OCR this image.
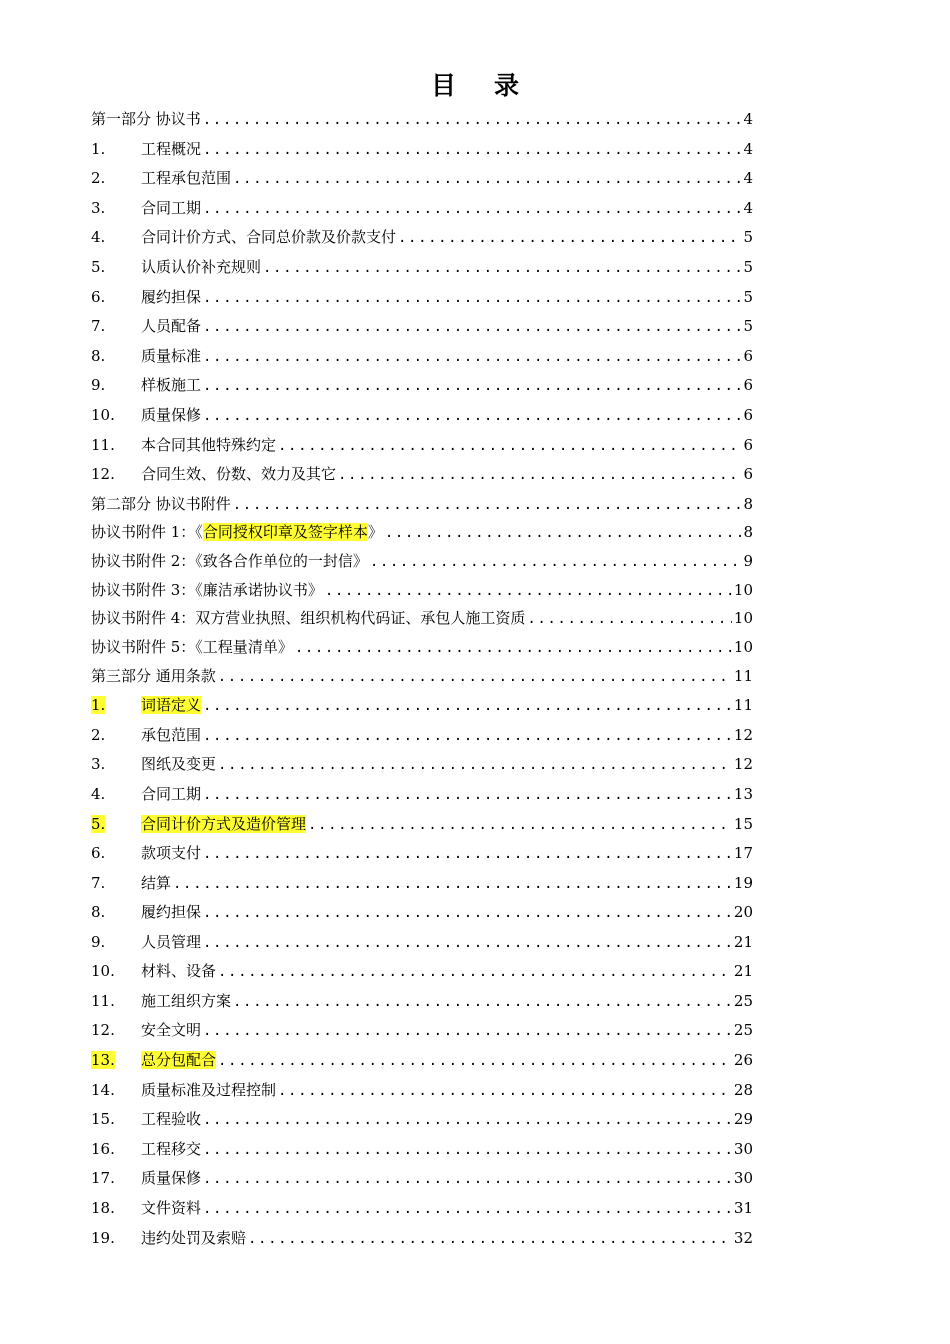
目 录
第一部分 协议书 .....	4
1.	工程概况 .....	4
2.	工程承包范围 .....	4
3.	合同工期 .....	4
4.	合同计价方式、合同总价款及价款支付 .....	5
5.	认质认价补充规则 .....	5
6.	履约担保 .....	5
7.	人员配备 .....	5
8.	质量标准 .....	6
9.	样板施工 .....	6
10.	质量保修 .....	6
11.	本合同其他特殊约定 .....	6
12.	合同生效、份数、效力及其它 .....	6
第二部分 协议书附件 .....	8
协议书附件 1：《合同授权印章及签字样本》 .....	8
协议书附件 2：《致各合作单位的一封信》 .....	9
协议书附件 3：《廉洁承诺协议书》 .....	10
协议书附件 4：双方营业执照、组织机构代码证、承包人施工资质 .....	10
协议书附件 5：《工程量清单》 .....	10
第三部分 通用条款 .....	11
1.	词语定义 .....	11
2.	承包范围 .....	12
3.	图纸及变更 .....	12
4.	合同工期 .....	13
5.	合同计价方式及造价管理 .....	15
6.	款项支付 .....	17
7.	结算 .....	19
8.	履约担保 .....	20
9.	人员管理 .....	21
10.	材料、设备 .....	21
11.	施工组织方案 .....	25
12.	安全文明 .....	25
13.	总分包配合 .....	26
14.	质量标准及过程控制 .....	28
15.	工程验收 .....	29
16.	工程移交 .....	30
17.	质量保修 .....	30
18.	文件资料 .....	31
19.	违约处罚及索赔 .....	32
